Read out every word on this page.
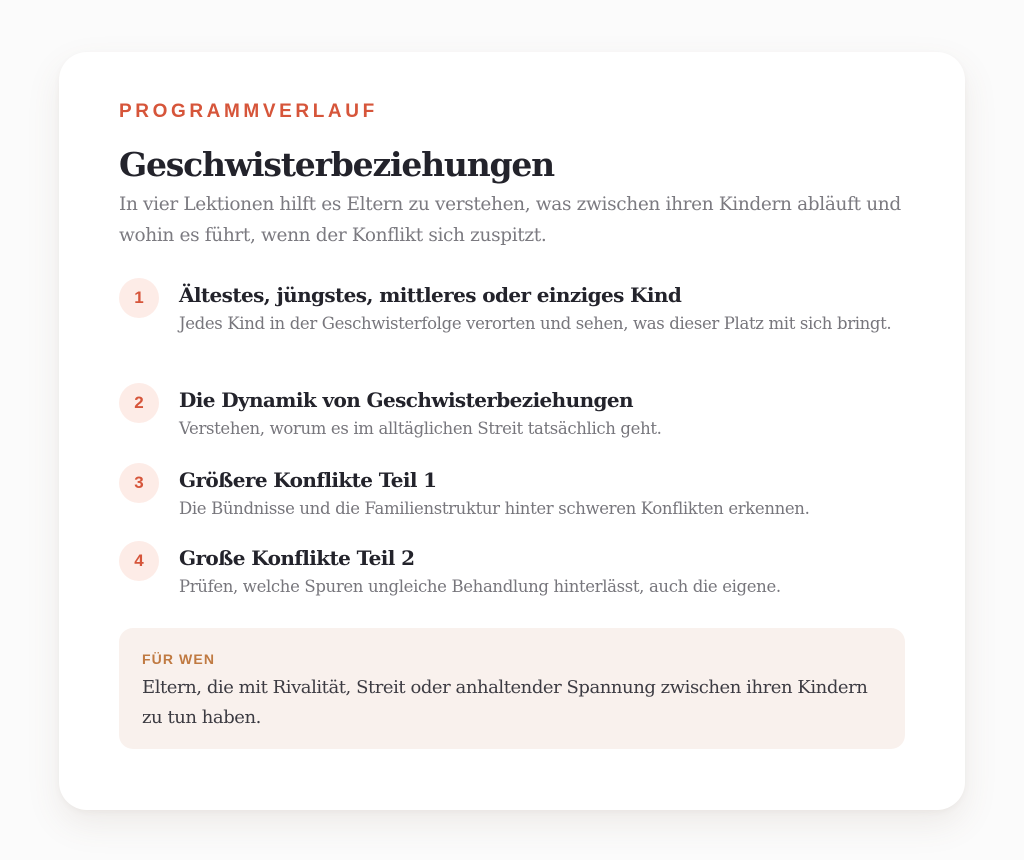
PROGRAMMVERLAUF
Geschwisterbeziehungen
In vier Lektionen hilft es Eltern zu verstehen, was zwischen ihren Kindern abläuft und wohin es führt, wenn der Konflikt sich zuspitzt.
1	Ältestes, jüngstes, mittleres oder einziges Kind
Jedes Kind in der Geschwisterfolge verorten und sehen, was dieser Platz mit sich bringt.
2	Die Dynamik von Geschwisterbeziehungen
Verstehen, worum es im alltäglichen Streit tatsächlich geht.
3	Größere Konflikte Teil 1
Die Bündnisse und die Familienstruktur hinter schweren Konflikten erkennen.
4	Große Konflikte Teil 2
Prüfen, welche Spuren ungleiche Behandlung hinterlässt, auch die eigene.
FÜR WEN
Eltern, die mit Rivalität, Streit oder anhaltender Spannung zwischen ihren Kindern zu tun haben.
